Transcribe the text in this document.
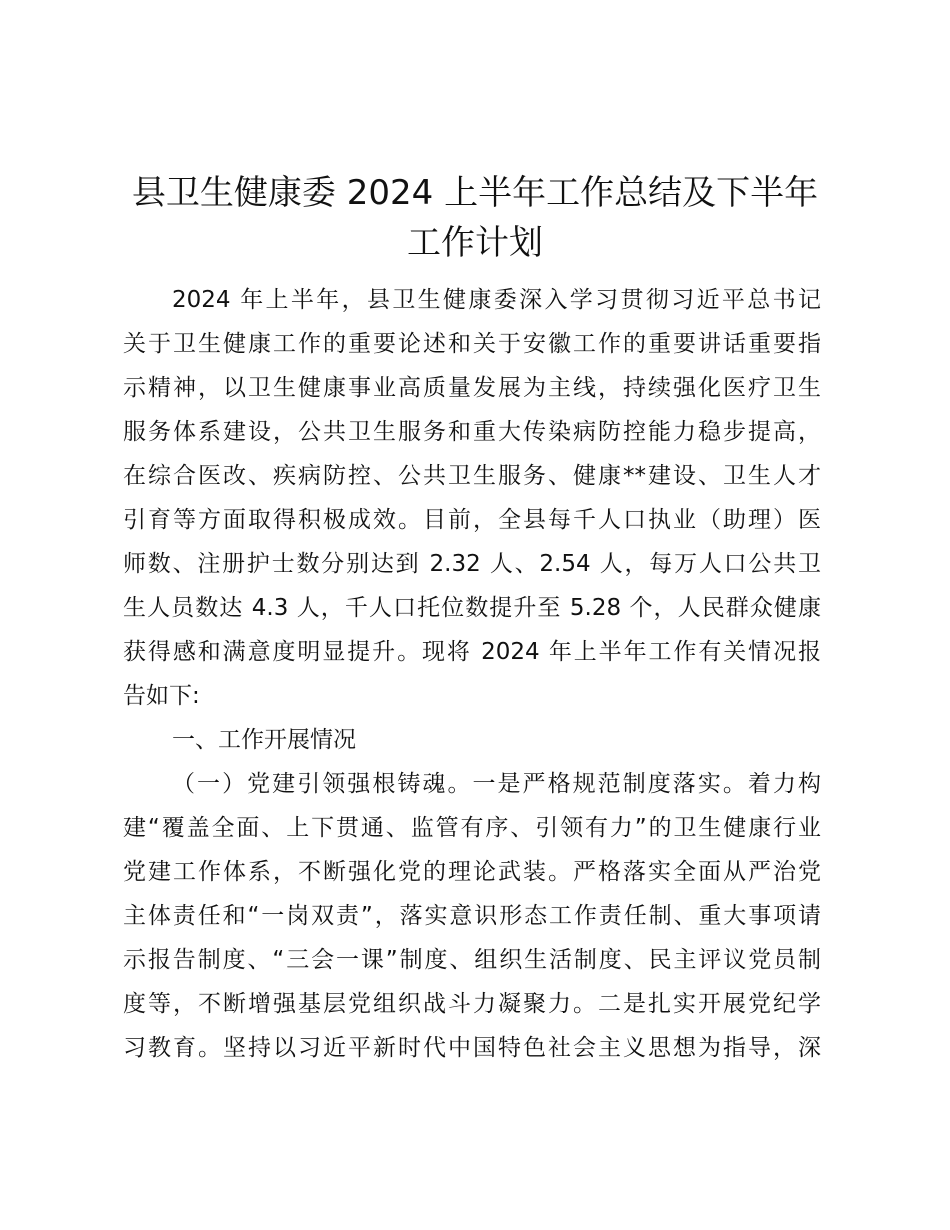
县卫生健康委 2024 上半年工作总结及下半年
工作计划

2024 年上半年，县卫生健康委深入学习贯彻习近平总书记

关于卫生健康工作的重要论述和关于安徽工作的重要讲话重要指

示精神，以卫生健康事业高质量发展为主线，持续强化医疗卫生

服务体系建设，公共卫生服务和重大传染病防控能力稳步提高，

在综合医改、疾病防控、公共卫生服务、健康**建设、卫生人才

引育等方面取得积极成效。目前，全县每千人口执业（助理）医

师数、注册护士数分别达到 2.32 人、2.54 人，每万人口公共卫

生人员数达 4.3 人，千人口托位数提升至 5.28 个，人民群众健康

获得感和满意度明显提升。现将 2024 年上半年工作有关情况报

告如下:

一、工作开展情况

（一）党建引领强根铸魂。一是严格规范制度落实。着力构

建“覆盖全面、上下贯通、监管有序、引领有力”的卫生健康行业

党建工作体系，不断强化党的理论武装。严格落实全面从严治党

主体责任和“一岗双责”，落实意识形态工作责任制、重大事项请

示报告制度、“三会一课”制度、组织生活制度、民主评议党员制

度等，不断增强基层党组织战斗力凝聚力。二是扎实开展党纪学

习教育。坚持以习近平新时代中国特色社会主义思想为指导，深
